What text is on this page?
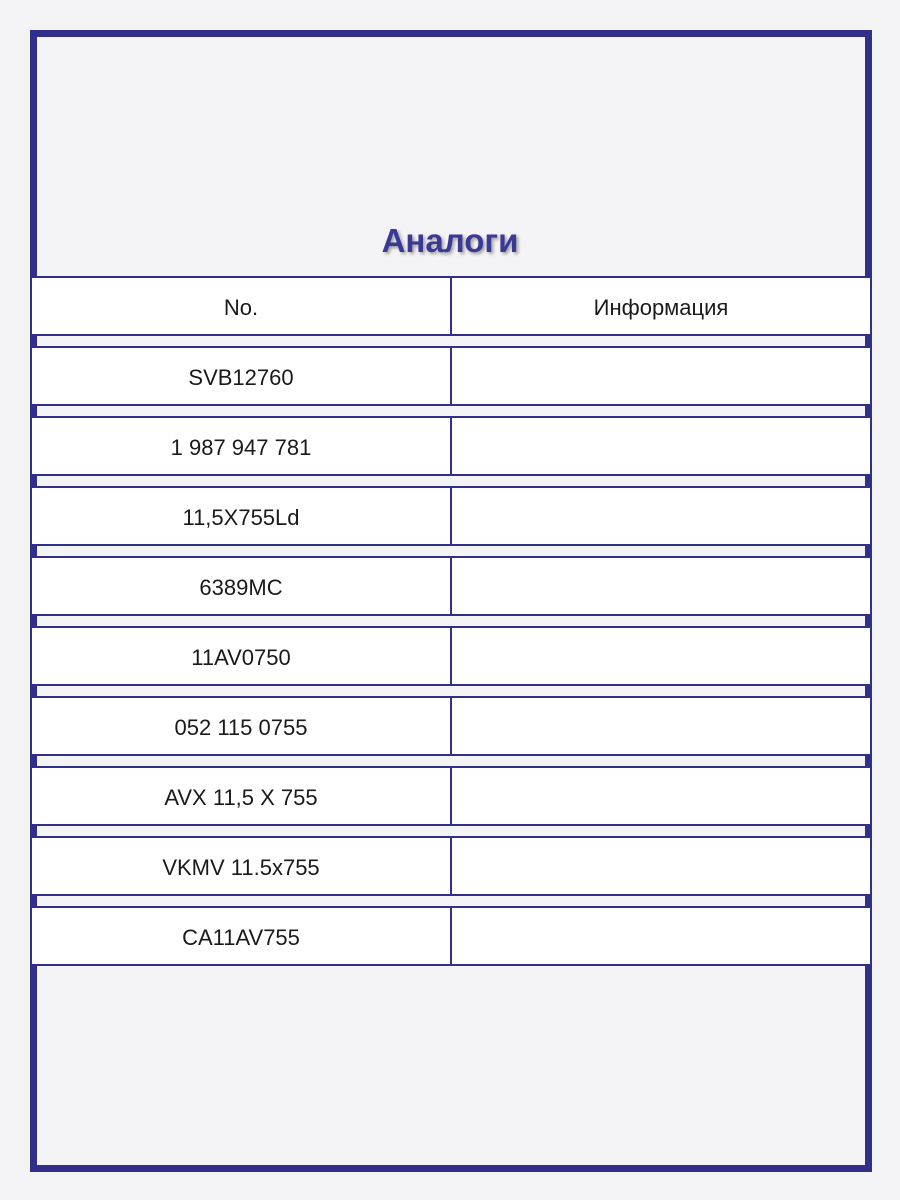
Аналоги
No.	Информация
SVB12760
1 987 947 781
11,5X755Ld
6389MC
11AV0750
052 115 0755
AVX 11,5 X 755
VKMV 11.5x755
CA11AV755
